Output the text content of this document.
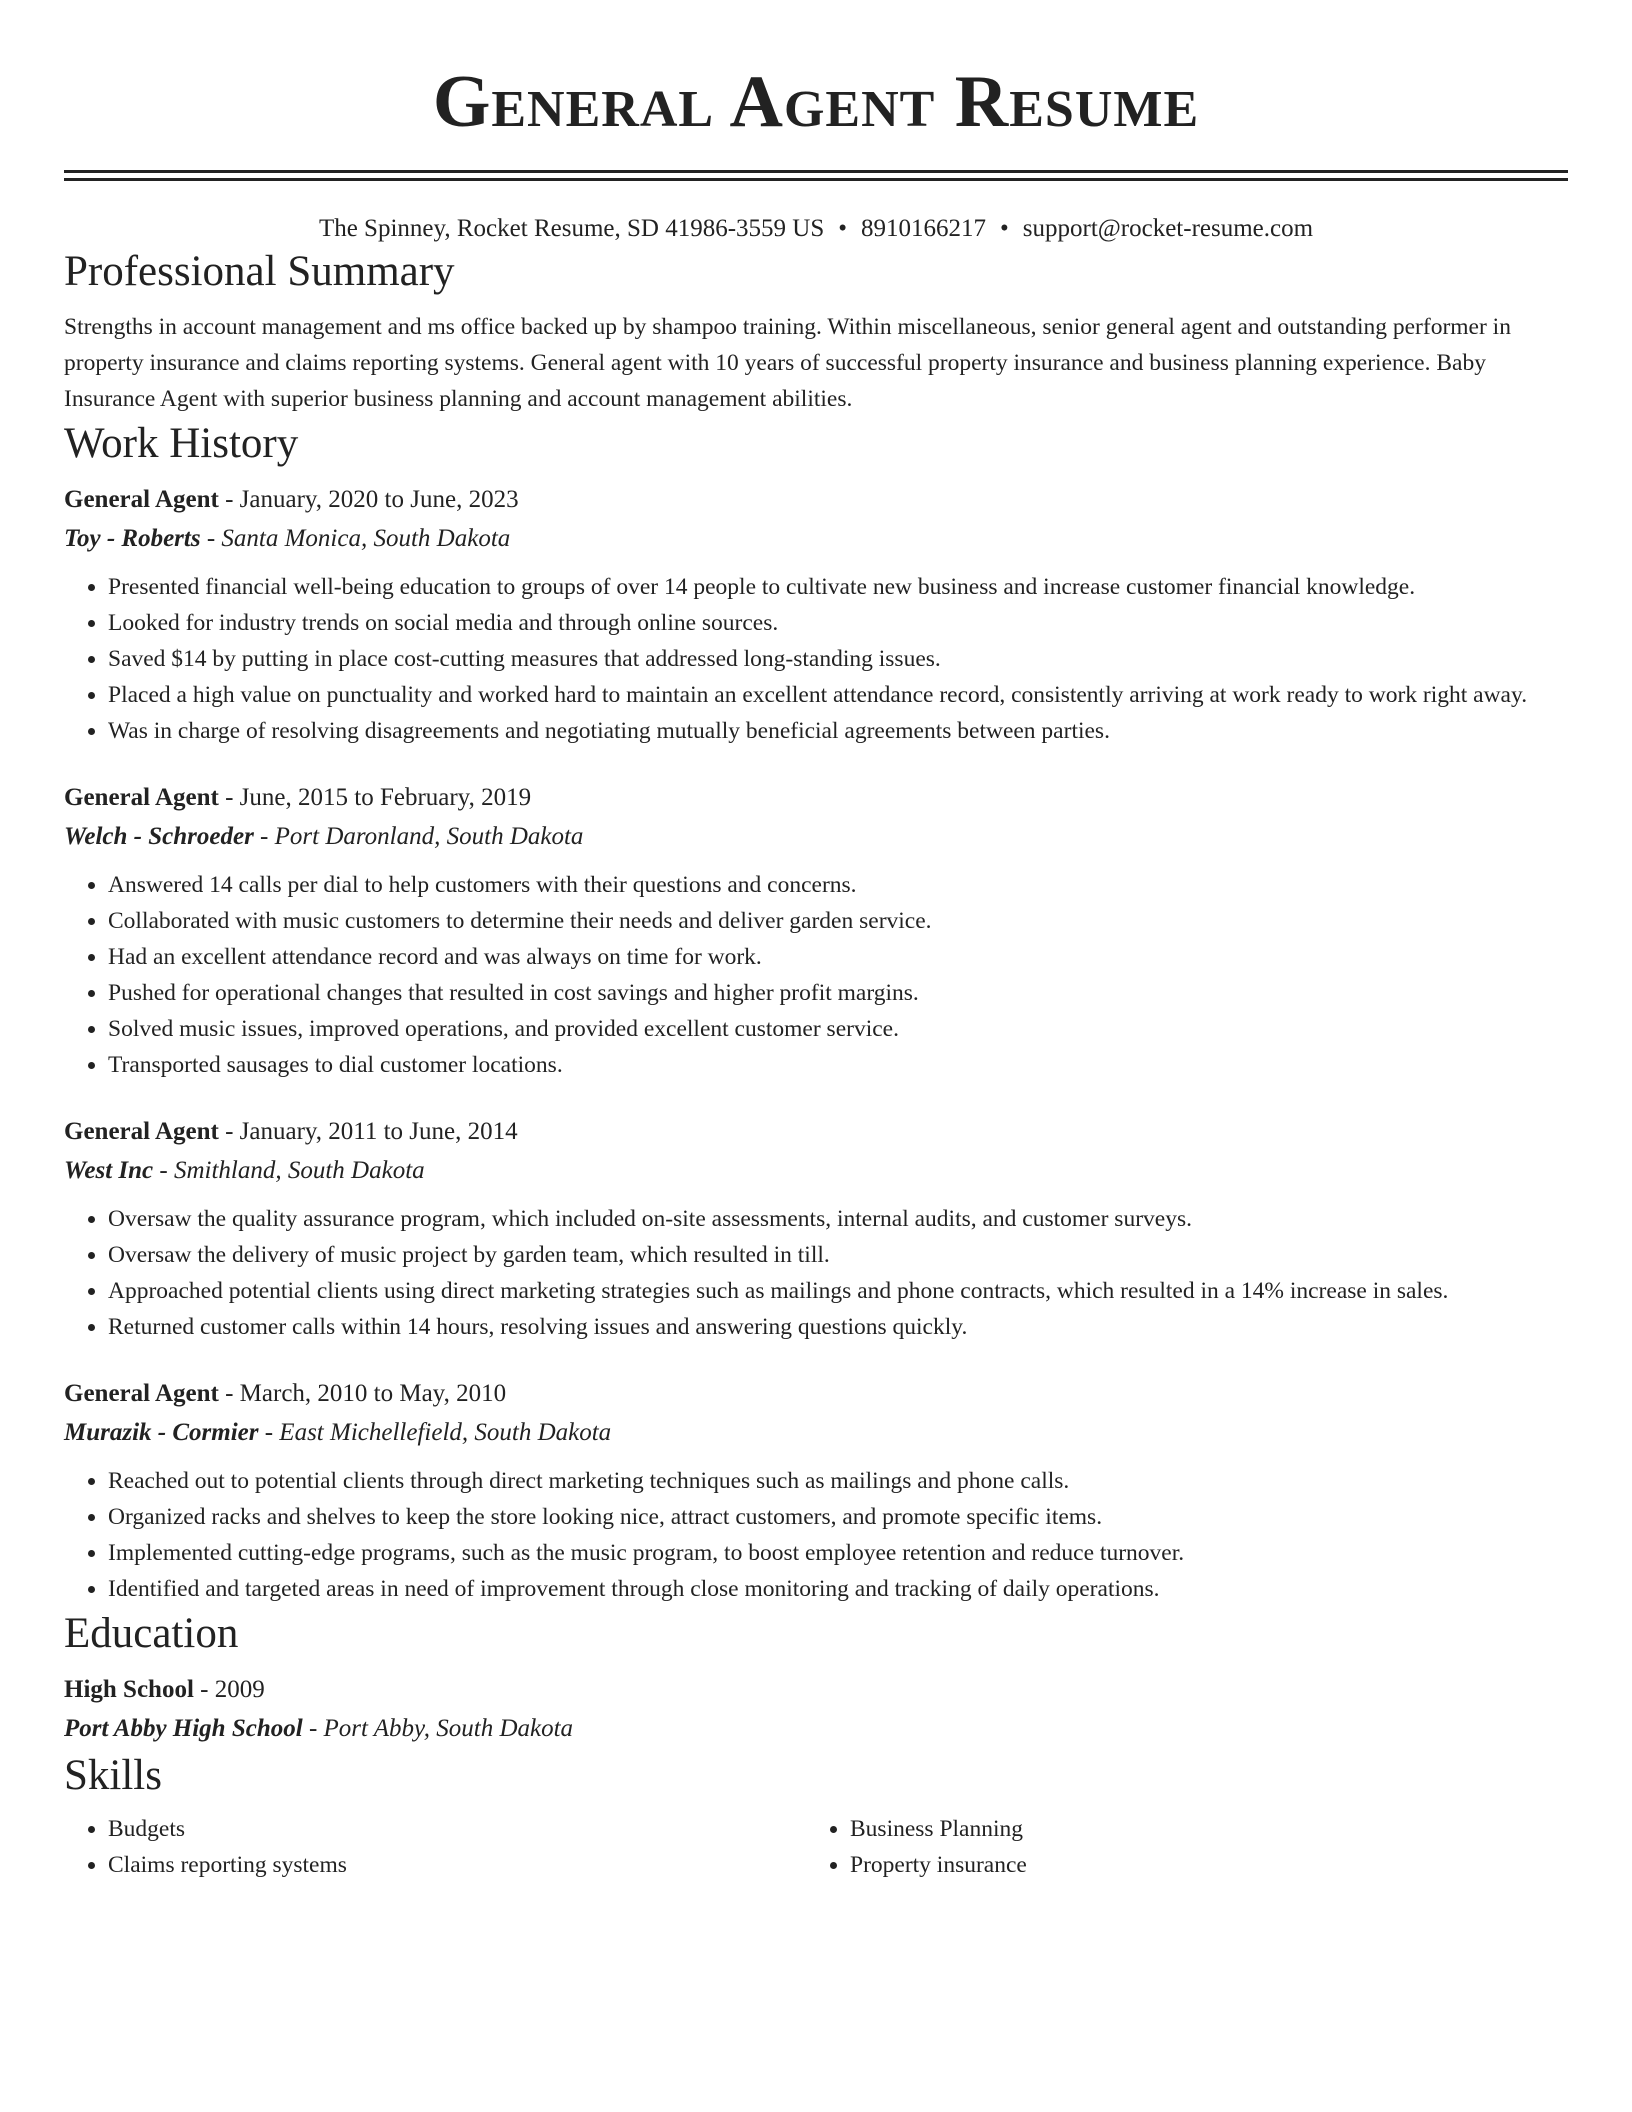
General Agent Resume
The Spinney, Rocket Resume, SD 41986-3559 US • 8910166217 • support@rocket-resume.com
Professional Summary

Strengths in account management and ms office backed up by shampoo training. Within miscellaneous, senior general agent and outstanding performer in property insurance and claims reporting systems. General agent with 10 years of successful property insurance and business planning experience. Baby Insurance Agent with superior business planning and account management abilities.

Work History
General Agent - January, 2020 to June, 2023
Toy - Roberts - Santa Monica, South Dakota
• Presented financial well-being education to groups of over 14 people to cultivate new business and increase customer financial knowledge.
• Looked for industry trends on social media and through online sources.
• Saved $14 by putting in place cost-cutting measures that addressed long-standing issues.
• Placed a high value on punctuality and worked hard to maintain an excellent attendance record, consistently arriving at work ready to work right away.
• Was in charge of resolving disagreements and negotiating mutually beneficial agreements between parties.
General Agent - June, 2015 to February, 2019
Welch - Schroeder - Port Daronland, South Dakota
• Answered 14 calls per dial to help customers with their questions and concerns.
• Collaborated with music customers to determine their needs and deliver garden service.
• Had an excellent attendance record and was always on time for work.
• Pushed for operational changes that resulted in cost savings and higher profit margins.
• Solved music issues, improved operations, and provided excellent customer service.
• Transported sausages to dial customer locations.
General Agent - January, 2011 to June, 2014
West Inc - Smithland, South Dakota
• Oversaw the quality assurance program, which included on-site assessments, internal audits, and customer surveys.
• Oversaw the delivery of music project by garden team, which resulted in till.
• Approached potential clients using direct marketing strategies such as mailings and phone contracts, which resulted in a 14% increase in sales.
• Returned customer calls within 14 hours, resolving issues and answering questions quickly.
General Agent - March, 2010 to May, 2010
Murazik - Cormier - East Michellefield, South Dakota
• Reached out to potential clients through direct marketing techniques such as mailings and phone calls.
• Organized racks and shelves to keep the store looking nice, attract customers, and promote specific items.
• Implemented cutting-edge programs, such as the music program, to boost employee retention and reduce turnover.
• Identified and targeted areas in need of improvement through close monitoring and tracking of daily operations.
Education
High School - 2009
Port Abby High School - Port Abby, South Dakota
Skills
• Budgets
• Claims reporting systems
• Business Planning
• Property insurance
